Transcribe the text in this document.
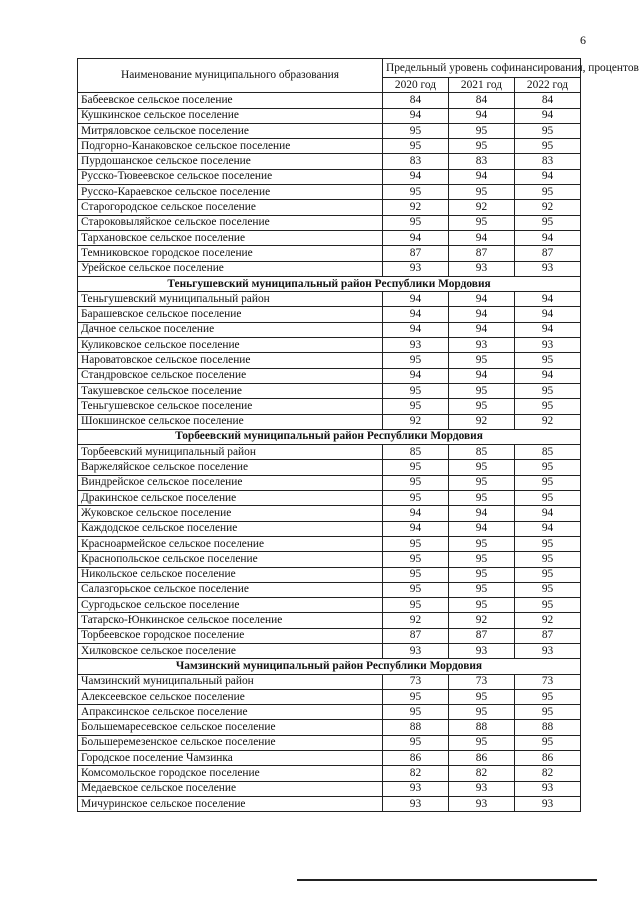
6
Наименование муниципального образования	Предельный уровень софинансирования, процентов		
	2020 год	2021 год	2022 год
Бабеевское сельское поселение	84	84	84
Кушкинское сельское поселение	94	94	94
Митряловское сельское поселение	95	95	95
Подгорно-Канаковское сельское поселение	95	95	95
Пурдошанское сельское поселение	83	83	83
Русско-Тювеевское сельское поселение	94	94	94
Русско-Караевское сельское поселение	95	95	95
Старогородское сельское поселение	92	92	92
Староковыляйское сельское поселение	95	95	95
Тархановское сельское поселение	94	94	94
Темниковское городское поселение	87	87	87
Урейское сельское поселение	93	93	93
Теньгушевский муниципальный район Республики Мордовия			
Теньгушевский муниципальный район	94	94	94
Барашевское сельское поселение	94	94	94
Дачное сельское поселение	94	94	94
Куликовское сельское поселение	93	93	93
Нароватовское сельское поселение	95	95	95
Стандровское сельское поселение	94	94	94
Такушевское сельское поселение	95	95	95
Теньгушевское сельское поселение	95	95	95
Шокшинское сельское поселение	92	92	92
Торбеевский муниципальный район Республики Мордовия			
Торбеевский муниципальный район	85	85	85
Варжеляйское сельское поселение	95	95	95
Виндрейское сельское поселение	95	95	95
Дракинское сельское поселение	95	95	95
Жуковское сельское поселение	94	94	94
Каждодское сельское поселение	94	94	94
Красноармейское сельское поселение	95	95	95
Краснопольское сельское поселение	95	95	95
Никольское сельское поселение	95	95	95
Салазгорьское сельское поселение	95	95	95
Сургодьское сельское поселение	95	95	95
Татарско-Юнкинское сельское поселение	92	92	92
Торбеевское городское поселение	87	87	87
Хилковское сельское поселение	93	93	93
Чамзинский муниципальный район Республики Мордовия			
Чамзинский муниципальный район	73	73	73
Алексеевское сельское поселение	95	95	95
Апраксинское сельское поселение	95	95	95
Большемаресевское сельское поселение	88	88	88
Большеремезенское сельское поселение	95	95	95
Городское поселение Чамзинка	86	86	86
Комсомольское городское поселение	82	82	82
Медаевское сельское поселение	93	93	93
Мичуринское сельское поселение	93	93	93
